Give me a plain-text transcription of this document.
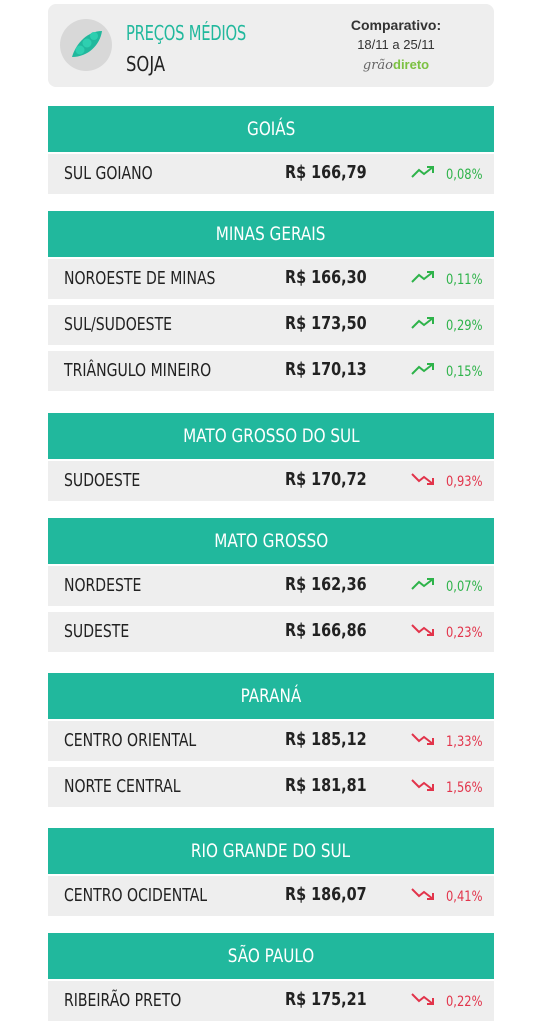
PREÇOS MÉDIOS
SOJA
Comparativo:
18/11 a 25/11
grãodireto
GOIÁS
SUL GOIANO	R$ 166,79	0,08%
MINAS GERAIS
NOROESTE DE MINAS	R$ 166,30	0,11%
SUL/SUDOESTE	R$ 173,50	0,29%
TRIÂNGULO MINEIRO	R$ 170,13	0,15%
MATO GROSSO DO SUL
SUDOESTE	R$ 170,72	0,93%
MATO GROSSO
NORDESTE	R$ 162,36	0,07%
SUDESTE	R$ 166,86	0,23%
PARANÁ
CENTRO ORIENTAL	R$ 185,12	1,33%
NORTE CENTRAL	R$ 181,81	1,56%
RIO GRANDE DO SUL
CENTRO OCIDENTAL	R$ 186,07	0,41%
SÃO PAULO
RIBEIRÃO PRETO	R$ 175,21	0,22%
